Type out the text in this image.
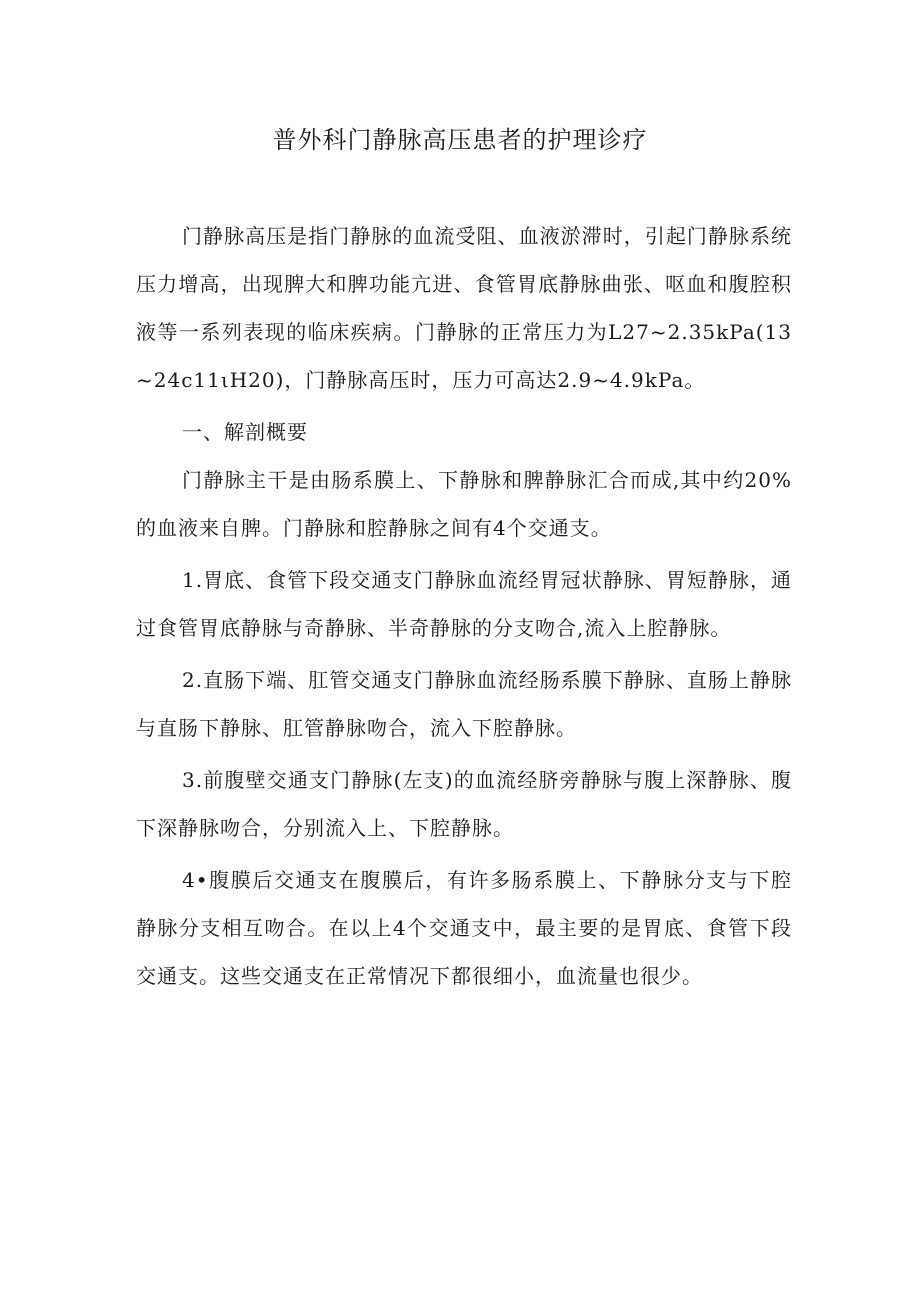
普外科门静脉高压患者的护理诊疗

门静脉高压是指门静脉的血流受阻、血液淤滞时，引起门静脉系统压力增高，出现脾大和脾功能亢进、食管胃底静脉曲张、呕血和腹腔积液等一系列表现的临床疾病。门静脉的正常压力为L27~2.35kPa(13~24c11ιH20)，门静脉高压时，压力可高达2.9~4.9kPa。

一、解剖概要

门静脉主干是由肠系膜上、下静脉和脾静脉汇合而成,其中约20%的血液来自脾。门静脉和腔静脉之间有4个交通支。

1.胃底、食管下段交通支门静脉血流经胃冠状静脉、胃短静脉，通过食管胃底静脉与奇静脉、半奇静脉的分支吻合,流入上腔静脉。

2.直肠下端、肛管交通支门静脉血流经肠系膜下静脉、直肠上静脉与直肠下静脉、肛管静脉吻合，流入下腔静脉。

3.前腹壁交通支门静脉(左支)的血流经脐旁静脉与腹上深静脉、腹下深静脉吻合，分别流入上、下腔静脉。

4•腹膜后交通支在腹膜后，有许多肠系膜上、下静脉分支与下腔静脉分支相互吻合。在以上4个交通支中，最主要的是胃底、食管下段交通支。这些交通支在正常情况下都很细小，血流量也很少。
